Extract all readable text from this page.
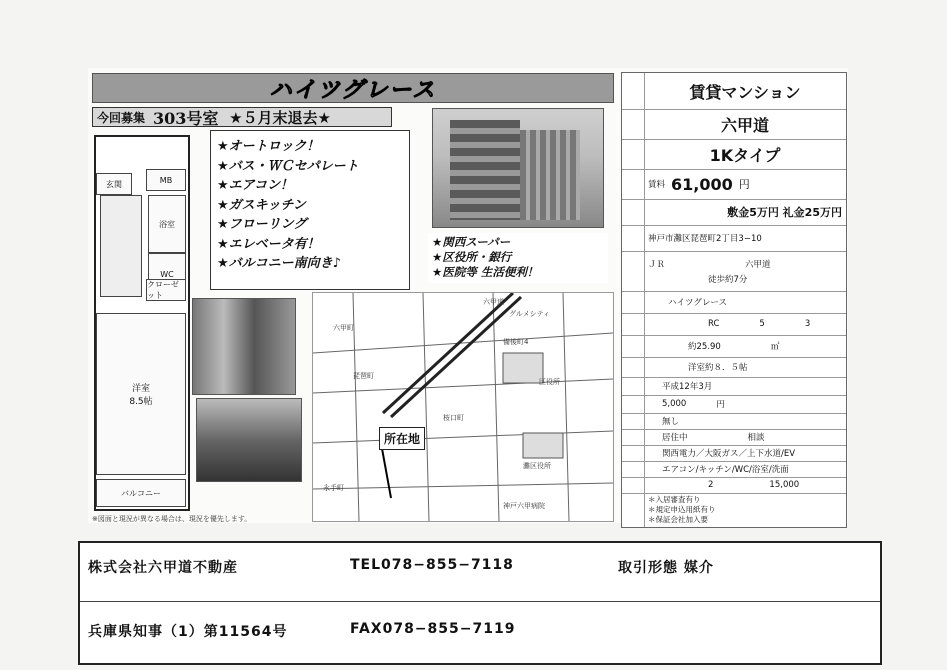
ハイツグレース
今回募集 303号室 ★５月末退去★
玄関	MB
浴室
WC
クローゼット
洋室
8.5帖
バルコニー
★オートロック！
★バス・ＷＣセパレート
★エアコン！
★ガスキッチン
★フローリング
★エレベータ有！
★バルコニー南向き♪
★関西スーパー
★区役所・銀行
★医院等 生活便利！
六甲道
グルメシティ
六甲町
琵琶町
区役所
灘区役所
神戸六甲病院
桜口町
備後町4
永手町
所在地
※図面と現況が異なる場合は、現況を優先します。
賃貸マンション
六甲道
1Kタイプ
賃料 61,000 円
敷金5万円 礼金25万円
神戸市灘区琵琶町2丁目3−10
ＪＲ	六甲道
徒歩約7分
ハイツグレース
RC	5	3
約25.90	㎡
洋室約８．５帖
平成12年3月
5,000	円
無し
居住中	相談
関西電力／大阪ガス／上下水道/EV
エアコン/キッチン/WC/浴室/洗面
2	15,000
＊入居審査有り
＊規定申込用紙有り
＊保証会社加入要
株式会社六甲道不動産	TEL078−855−7118	取引形態 媒介
兵庫県知事（1）第11564号	FAX078−855−7119
